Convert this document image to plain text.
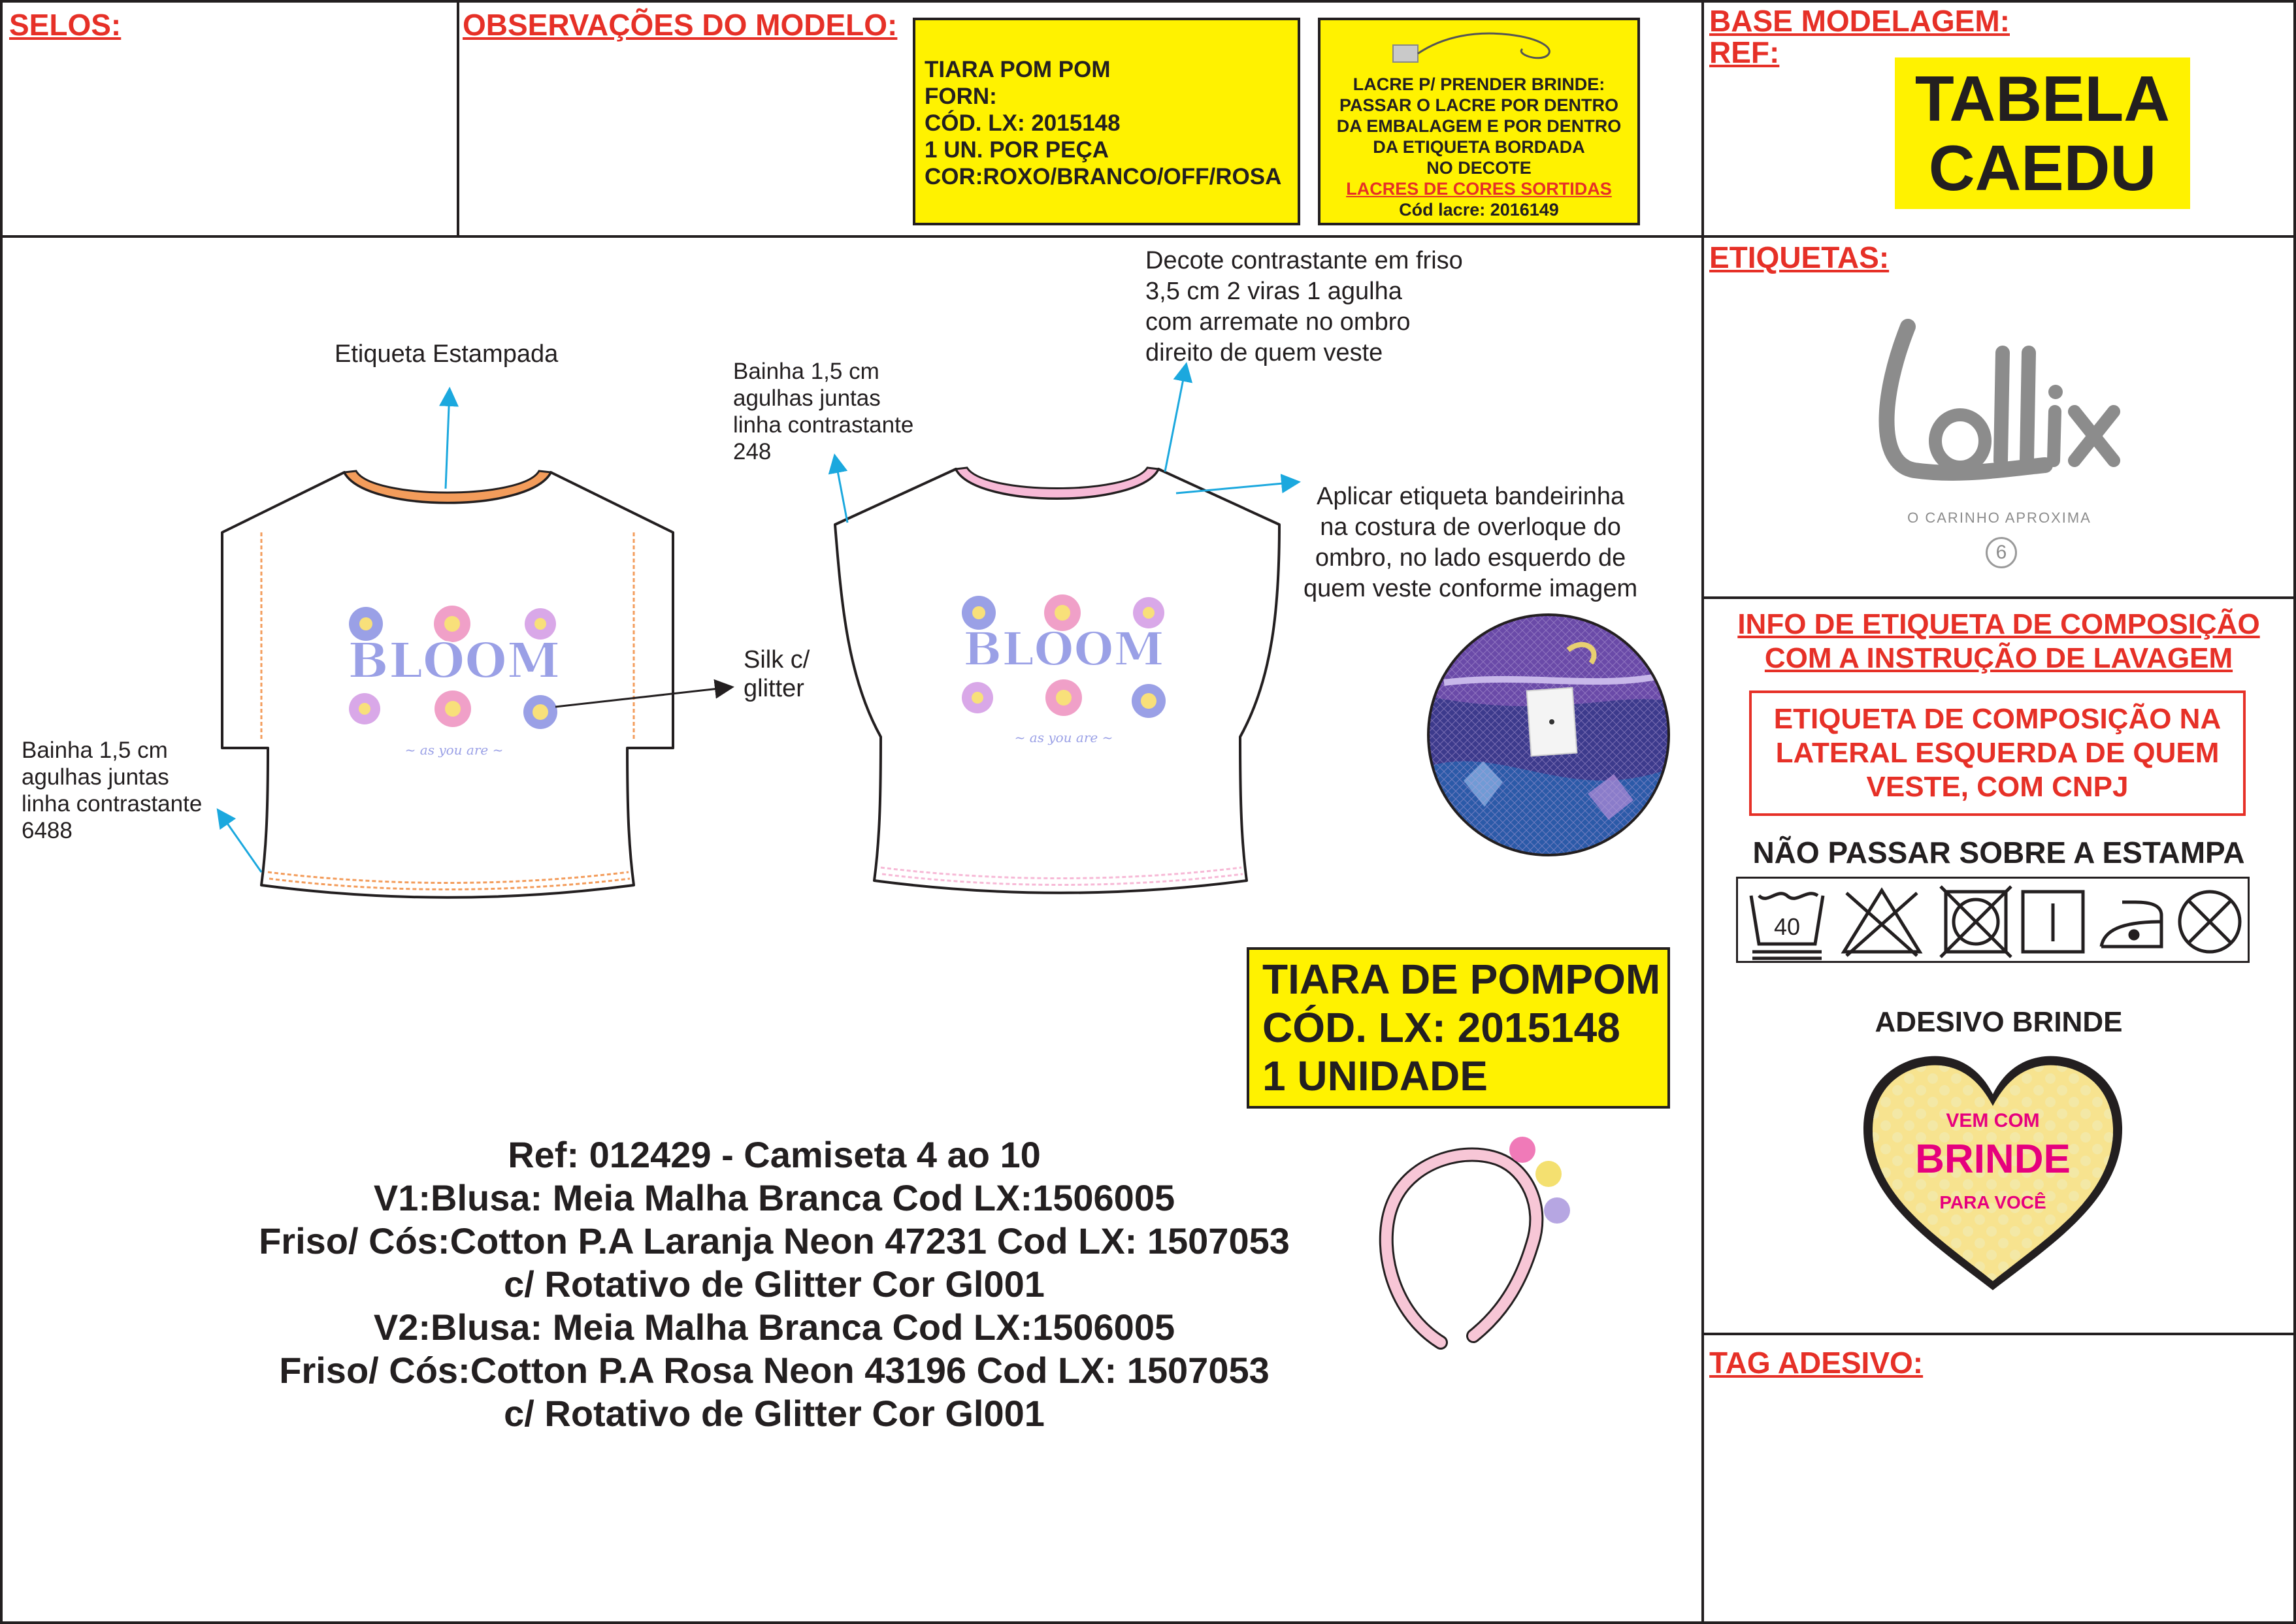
SELOS:	OBSERVAÇÕES DO MODELO:
TIARA POM POM
FORN:
CÓD. LX: 2015148
1 UN. POR PEÇA
COR:ROXO/BRANCO/OFF/ROSA
LACRE P/ PRENDER BRINDE:
PASSAR O LACRE POR DENTRO
DA EMBALAGEM E POR DENTRO
DA ETIQUETA BORDADA
NO DECOTE
LACRES DE CORES SORTIDAS
Cód lacre: 2016149
BASE MODELAGEM:
REF:
TABELA
CAEDU
ETIQUETAS:
O CARINHO APROXIMA
6
INFO DE ETIQUETA DE COMPOSIÇÃO
COM A INSTRUÇÃO DE LAVAGEM
ETIQUETA DE COMPOSIÇÃO NA
LATERAL ESQUERDA DE QUEM
VESTE, COM CNPJ
NÃO PASSAR SOBRE A ESTAMPA
40
ADESIVO BRINDE
VEM COM
BRINDE
PARA VOCÊ
TAG ADESIVO:
BLOOM
~ as you are ~
BLOOM
~ as you are ~
Etiqueta Estampada
Bainha 1,5 cm
agulhas juntas
linha contrastante
6488
Silk c/
glitter
Bainha 1,5 cm
agulhas juntas
linha contrastante
248
Decote contrastante em friso
3,5 cm 2 viras 1 agulha
com arremate no ombro
direito de quem veste
Aplicar etiqueta bandeirinha
na costura de overloque do
ombro, no lado esquerdo de
quem veste conforme imagem
TIARA DE POMPOM
CÓD. LX: 2015148
1 UNIDADE
Ref: 012429 - Camiseta 4 ao 10
V1:Blusa: Meia Malha Branca Cod LX:1506005
Friso/ Cós:Cotton P.A Laranja Neon 47231 Cod LX: 1507053
c/ Rotativo de Glitter Cor Gl001
V2:Blusa: Meia Malha Branca Cod LX:1506005
Friso/ Cós:Cotton P.A Rosa Neon 43196 Cod LX: 1507053
c/ Rotativo de Glitter Cor Gl001
